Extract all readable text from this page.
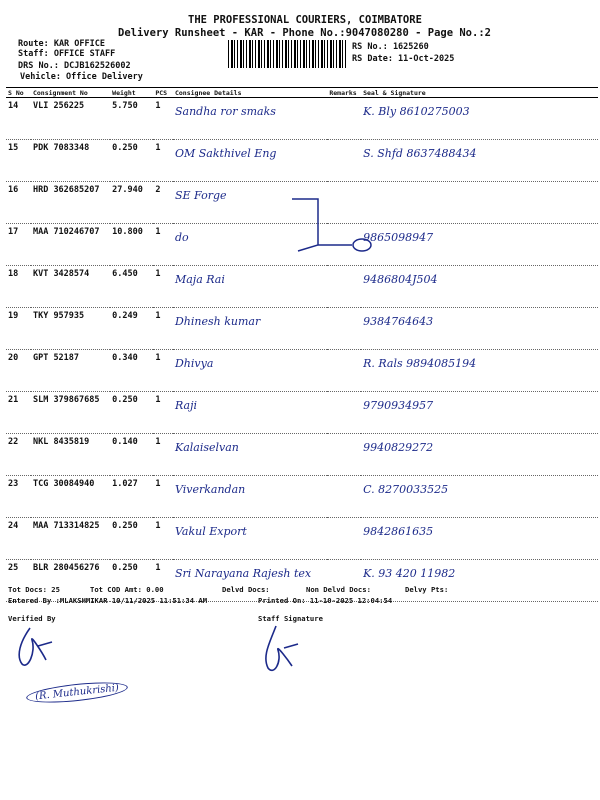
THE PROFESSIONAL COURIERS, COIMBATORE
Delivery Runsheet - KAR - Phone No.:9047080280 - Page No.:2
Route: KAR OFFICE
Staff: OFFICE STAFF
DRS No.: DCJB162526002
Vehicle: Office Delivery
RS No.: 1625260
RS Date: 11-Oct-2025
S No	Consignment No	Weight	PCS	Consignee Details	Remarks	Seal & Signature
14	VLI 256225	5.750	1	Sandha ror smaks		K. Bly 8610275003

15	PDK 7083348	0.250	1	OM Sakthivel Eng		S. Shfd 8637488434

16	HRD 362685207	27.940	2	SE Forge		

17	MAA 710246707	10.800	1	do		9865098947

18	KVT 3428574	6.450	1	Maja Rai		9486804J504

19	TKY 957935	0.249	1	Dhinesh kumar		9384764643

20	GPT 52187	0.340	1	Dhivya		R. Rals 9894085194

21	SLM 379867685	0.250	1	Raji		9790934957

22	NKL 8435819	0.140	1	Kalaiselvan		9940829272

23	TCG 30084940	1.027	1	Viverkandan		C. 8270033525

24	MAA 713314825	0.250	1	Vakul Export		9842861635

25	BLR 280456276	0.250	1	Sri Narayana Rajesh tex		K. 93 420 11982
Tot Docs: 25	Tot COD Amt: 0.00	Delvd Docs:	Non Delvd Docs:	Delvy Pts:
Entered By :MLAKSHMIKAR 10/11/2025 11:51:34 AM	Printed On: 11-10-2025 12:04:54
Verified By	Staff Signature
(R. Muthukrishi)
